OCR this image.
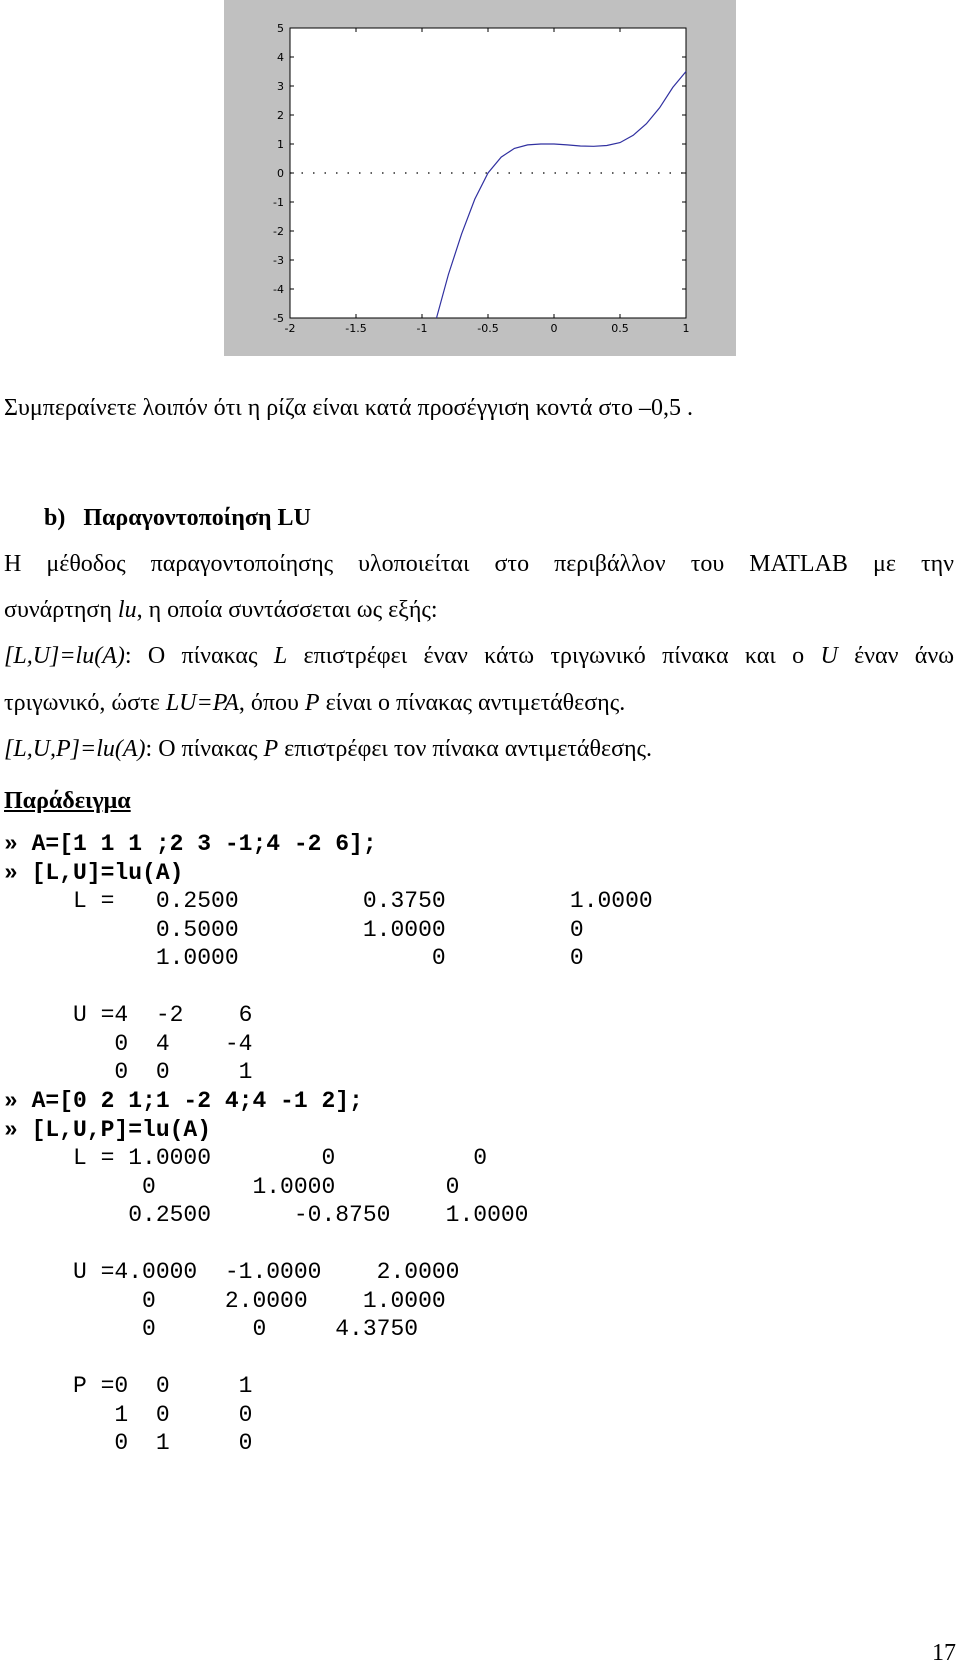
-2	-1.5	-1	-0.5	0	0.5	1
5
4
3
2
1
0
-1
-2
-3
-4
-5
Συμπεραίνετε λοιπόν ότι η ρίζα είναι κατά προσέγγιση κοντά στο –0,5 .
b) Παραγοντοποίηση LU
Η μέθοδος παραγοντοποίησης υλοποιείται στο περιβάλλον του MATLAB με την
συνάρτηση lu, η οποία συντάσσεται ως εξής:
[L,U]=lu(A): Ο πίνακας L επιστρέφει έναν κάτω τριγωνικό πίνακα και ο U έναν άνω
τριγωνικό, ώστε LU=PA, όπου P είναι ο πίνακας αντιμετάθεσης.
[L,U,P]=lu(A): Ο πίνακας P επιστρέφει τον πίνακα αντιμετάθεσης.
Παράδειγμα
» A=[1 1 1 ;2 3 -1;4 -2 6];
» [L,U]=lu(A)
L =   0.2500         0.3750         1.0000
0.5000         1.0000         0
1.0000              0         0

U =4  -2    6
0  4    -4
0  0     1
» A=[0 2 1;1 -2 4;4 -1 2];
» [L,U,P]=lu(A)
L = 1.0000        0          0
0       1.0000        0
0.2500      -0.8750    1.0000

U =4.0000  -1.0000    2.0000
0     2.0000    1.0000
0       0     4.3750

P =0  0     1
1  0     0
0  1     0
17
